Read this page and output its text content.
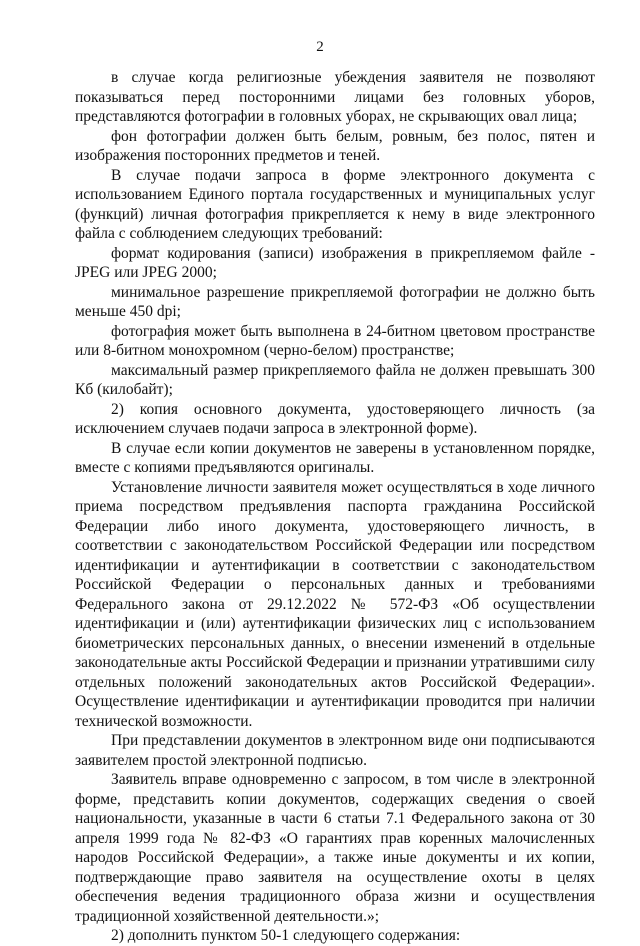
2

в случае когда религиозные убеждения заявителя не позволяют показываться перед посторонними лицами без головных уборов, представляются фотографии в головных уборах, не скрывающих овал лица;

фон фотографии должен быть белым, ровным, без полос, пятен и изображения посторонних предметов и теней.

В случае подачи запроса в форме электронного документа с использованием Единого портала государственных и муниципальных услуг (функций) личная фотография прикрепляется к нему в виде электронного файла с соблюдением следующих требований:

формат кодирования (записи) изображения в прикрепляемом файле - JPEG или JPEG 2000;

минимальное разрешение прикрепляемой фотографии не должно быть меньше 450 dpi;

фотография может быть выполнена в 24-битном цветовом пространстве или 8-битном монохромном (черно-белом) пространстве;

максимальный размер прикрепляемого файла не должен превышать 300 Кб (килобайт);

2) копия основного документа, удостоверяющего личность (за исключением случаев подачи запроса в электронной форме).

В случае если копии документов не заверены в установленном порядке, вместе с копиями предъявляются оригиналы.

Установление личности заявителя может осуществляться в ходе личного приема посредством предъявления паспорта гражданина Российской Федерации либо иного документа, удостоверяющего личность, в соответствии с законодательством Российской Федерации или посредством идентификации и аутентификации в соответствии с законодательством Российской Федерации о персональных данных и требованиями Федерального закона от 29.12.2022 № 572-ФЗ «Об осуществлении идентификации и (или) аутентификации физических лиц с использованием биометрических персональных данных, о внесении изменений в отдельные законодательные акты Российской Федерации и признании утратившими силу отдельных положений законодательных актов Российской Федерации». Осуществление идентификации и аутентификации проводится при наличии технической возможности.

При представлении документов в электронном виде они подписываются заявителем простой электронной подписью.

Заявитель вправе одновременно с запросом, в том числе в электронной форме, представить копии документов, содержащих сведения о своей национальности, указанные в части 6 статьи 7.1 Федерального закона от 30 апреля 1999 года № 82-ФЗ «О гарантиях прав коренных малочисленных народов Российской Федерации», а также иные документы и их копии, подтверждающие право заявителя на осуществление охоты в целях обеспечения ведения традиционного образа жизни и осуществления традиционной хозяйственной деятельности.»;

2) дополнить пунктом 50-1 следующего содержания:
